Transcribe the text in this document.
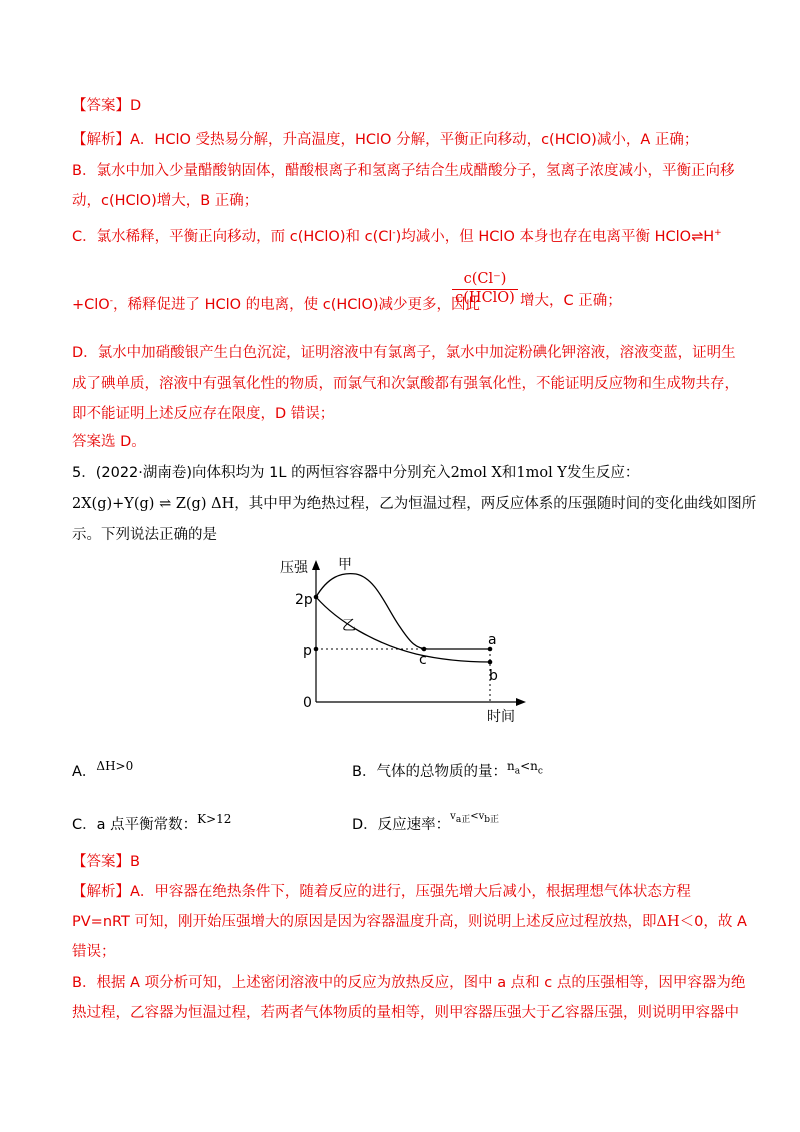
【答案】D
【解析】A．HClO 受热易分解，升高温度，HClO 分解，平衡正向移动，c(HClO)减小，A 正确；
B．氯水中加入少量醋酸钠固体，醋酸根离子和氢离子结合生成醋酸分子，氢离子浓度减小，平衡正向移
动，c(HClO)增大，B 正确；
C．氯水稀释，平衡正向移动，而 c(HClO)和 c(Cl-)均减小，但 HClO 本身也存在电离平衡 HClO⇌H+
+ClO-，稀释促进了 HClO 的电离，使 c(HClO)减少更多，因此
c(Cl⁻)
c(HClO) 增大，C 正确；
D．氯水中加硝酸银产生白色沉淀，证明溶液中有氯离子，氯水中加淀粉碘化钾溶液，溶液变蓝，证明生
成了碘单质，溶液中有强氧化性的物质，而氯气和次氯酸都有强氧化性，不能证明反应物和生成物共存，
即不能证明上述反应存在限度，D 错误；
答案选 D。
5．(2022·湖南卷)向体积均为 1L 的两恒容容器中分别充入2mol X和1mol Y发生反应：
2X(g)+Y(g) ⇌ Z(g) ΔH，其中甲为绝热过程，乙为恒温过程，两反应体系的压强随时间的变化曲线如图所
示。下列说法正确的是
压强 甲
乙
2p
p
0
c
a
b
时间
A．$^{\Delta H>0}$	B．气体的总物质的量：$^{n_a<n_c}$
C．a 点平衡常数：$^{K>12}$	D．反应速率：$^{v_{a正}<v_{b正}}$
【答案】B
【解析】A．甲容器在绝热条件下，随着反应的进行，压强先增大后减小，根据理想气体状态方程
PV=nRT 可知，刚开始压强增大的原因是因为容器温度升高，则说明上述反应过程放热，即ΔH＜0，故 A
错误；
B．根据 A 项分析可知，上述密闭溶液中的反应为放热反应，图中 a 点和 c 点的压强相等，因甲容器为绝
热过程，乙容器为恒温过程，若两者气体物质的量相等，则甲容器压强大于乙容器压强，则说明甲容器中
